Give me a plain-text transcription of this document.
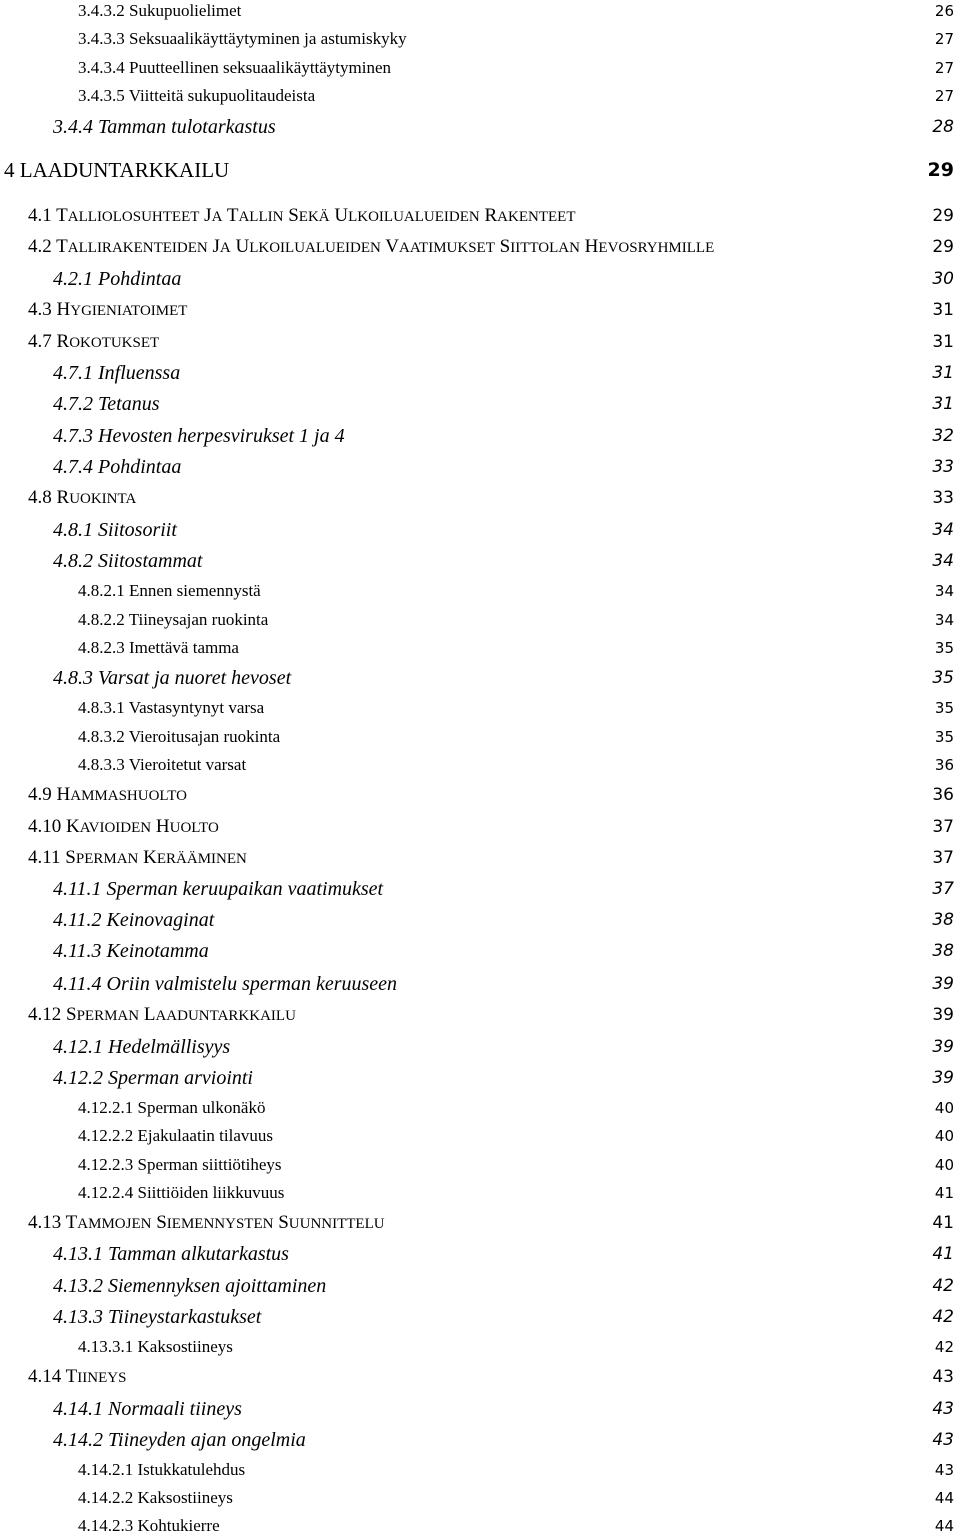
3.4.3.2 Sukupuolielimet	26
3.4.3.3 Seksuaalikäyttäytyminen ja astumiskyky	27
3.4.3.4 Puutteellinen seksuaalikäyttäytyminen	27
3.4.3.5 Viitteitä sukupuolitaudeista	27
3.4.4 Tamman tulotarkastus	28
4 LAADUNTARKKAILU	29
4.1 TALLIOLOSUHTEET JA TALLIN SEKÄ ULKOILUALUEIDEN RAKENTEET	29
4.2 TALLIRAKENTEIDEN JA ULKOILUALUEIDEN VAATIMUKSET SIITTOLAN HEVOSRYHMILLE	29
4.2.1 Pohdintaa	30
4.3 HYGIENIATOIMET	31
4.7 ROKOTUKSET	31
4.7.1 Influenssa	31
4.7.2 Tetanus	31
4.7.3 Hevosten herpesvirukset 1 ja 4	32
4.7.4 Pohdintaa	33
4.8 RUOKINTA	33
4.8.1 Siitosoriit	34
4.8.2 Siitostammat	34
4.8.2.1 Ennen siemennystä	34
4.8.2.2 Tiineysajan ruokinta	34
4.8.2.3 Imettävä tamma	35
4.8.3 Varsat ja nuoret hevoset	35
4.8.3.1 Vastasyntynyt varsa	35
4.8.3.2 Vieroitusajan ruokinta	35
4.8.3.3 Vieroitetut varsat	36
4.9 HAMMASHUOLTO	36
4.10 KAVIOIDEN HUOLTO	37
4.11 SPERMAN KERÄÄMINEN	37
4.11.1 Sperman keruupaikan vaatimukset	37
4.11.2 Keinovaginat	38
4.11.3 Keinotamma	38
4.11.4 Oriin valmistelu sperman keruuseen	39
4.12 SPERMAN LAADUNTARKKAILU	39
4.12.1 Hedelmällisyys	39
4.12.2 Sperman arviointi	39
4.12.2.1 Sperman ulkonäkö	40
4.12.2.2 Ejakulaatin tilavuus	40
4.12.2.3 Sperman siittiötiheys	40
4.12.2.4 Siittiöiden liikkuvuus	41
4.13 TAMMOJEN SIEMENNYSTEN SUUNNITTELU	41
4.13.1 Tamman alkutarkastus	41
4.13.2 Siemennyksen ajoittaminen	42
4.13.3 Tiineystarkastukset	42
4.13.3.1 Kaksostiineys	42
4.14 TIINEYS	43
4.14.1 Normaali tiineys	43
4.14.2 Tiineyden ajan ongelmia	43
4.14.2.1 Istukkatulehdus	43
4.14.2.2 Kaksostiineys	44
4.14.2.3 Kohtukierre	44
